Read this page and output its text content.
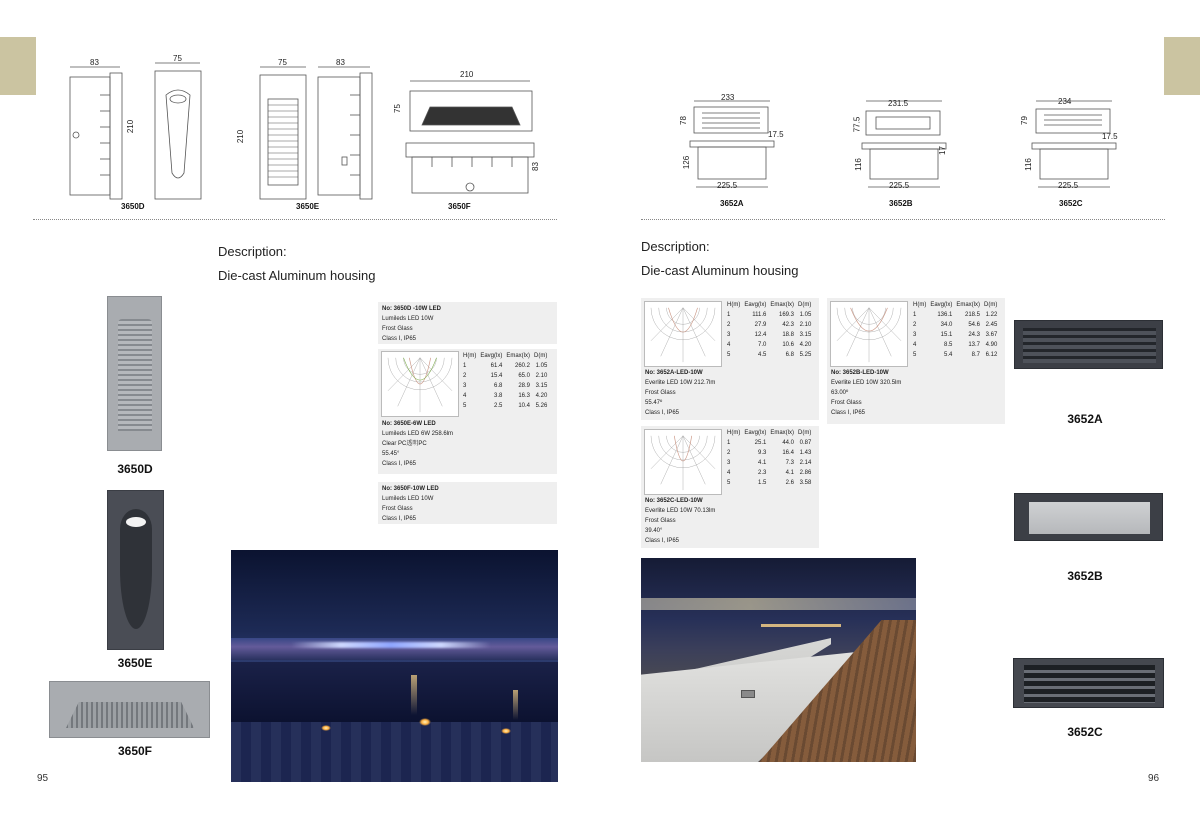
83	75
210
75	83
210
210
75
83
3650D	3650E	3650F
Description:
Die-cast Aluminum housing
3650D
3650E
3650F
No: 3650D -10W LED
Lumileds LED 10W
Frost Glass
Class I, IP65
H(m)	Eavg(lx)	Emax(lx)	D(m)
1	61.4	260.2	1.05
2	15.4	65.0	2.10
3	6.8	28.9	3.15
4	3.8	16.3	4.20
5	2.5	10.4	5.26
No: 3650E-6W LED
Lumileds LED 6W 258.6lm
Clear PC透明PC
55.45°
Class I, IP65
No: 3650F-10W LED
Lumileds LED 10W
Frost Glass
Class I, IP65
95
233
78
17.5
126
225.5
231.5
77.5
17
116
225.5
234
79
17.5
116
225.5
3652A	3652B	3652C
Description:
Die-cast Aluminum housing
H(m)	Eavg(lx)	Emax(lx)	D(m)
1	111.6	169.3	1.05
2	27.9	42.3	2.10
3	12.4	18.8	3.15
4	7.0	10.6	4.20
5	4.5	6.8	5.25
No: 3652A-LED-10W
Everlite LED 10W 212.7lm
Frost Glass
55.47º
Class I, IP65
H(m)	Eavg(lx)	Emax(lx)	D(m)
1	136.1	218.5	1.22
2	34.0	54.6	2.45
3	15.1	24.3	3.67
4	8.5	13.7	4.90
5	5.4	8.7	6.12
No: 3652B-LED-10W
Everlite LED 10W 320.5lm
63.00º
Frost Glass
Class I, IP65
H(m)	Eavg(lx)	Emax(lx)	D(m)
1	25.1	44.0	0.87
2	9.3	16.4	1.43
3	4.1	7.3	2.14
4	2.3	4.1	2.86
5	1.5	2.6	3.58
No: 3652C-LED-10W
Everlite LED 10W 70.13lm
Frost Glass
39.40°
Class I, IP65
3652A
3652B
3652C
96
